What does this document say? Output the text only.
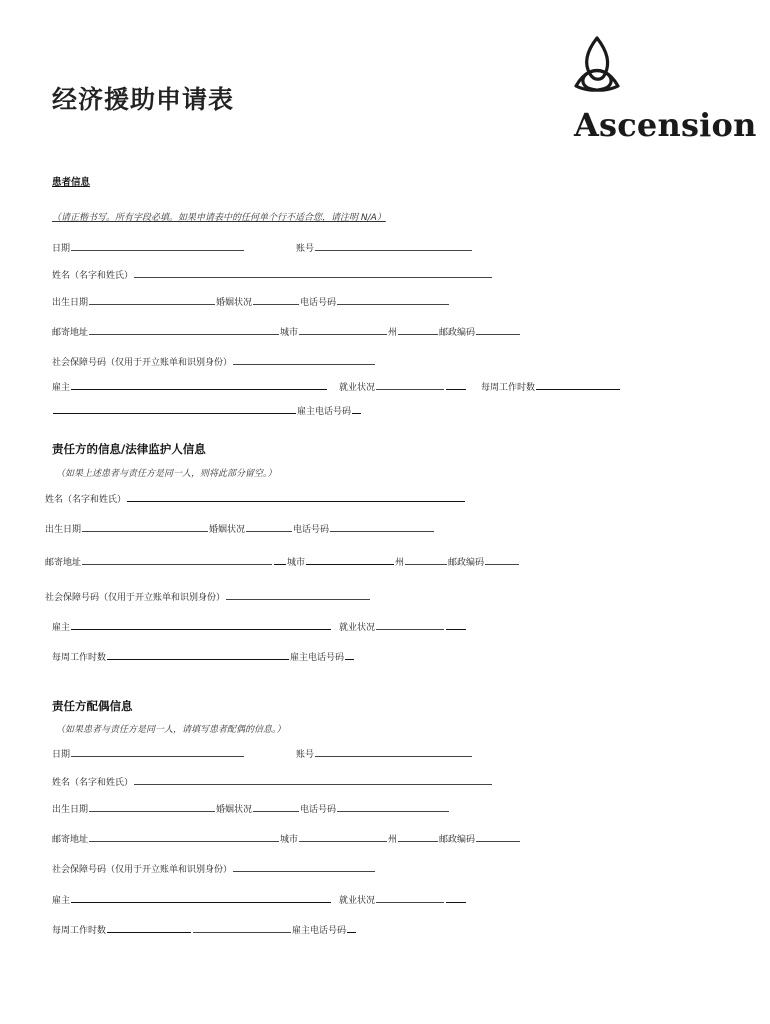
经济援助申请表
Ascension
患者信息
（请正楷书写。所有字段必填。如果申请表中的任何单个行不适合您，请注明 N/A）
日期	账号
姓名（名字和姓氏）
出生日期	婚姻状况	电话号码
邮寄地址	城市	州	邮政编码
社会保障号码（仅用于开立账单和识别身份）
雇主	就业状况	每周工作时数
雇主电话号码
责任方的信息/法律监护人信息
（如果上述患者与责任方是同一人，则将此部分留空。）
姓名（名字和姓氏）
出生日期	婚姻状况	电话号码
邮寄地址	城市	州	邮政编码
社会保障号码（仅用于开立账单和识别身份）
雇主	就业状况
每周工作时数	雇主电话号码
责任方配偶信息
（如果患者与责任方是同一人，请填写患者配偶的信息。）
日期	账号
姓名（名字和姓氏）
出生日期	婚姻状况	电话号码
邮寄地址	城市	州	邮政编码
社会保障号码（仅用于开立账单和识别身份）
雇主	就业状况
每周工作时数	雇主电话号码
